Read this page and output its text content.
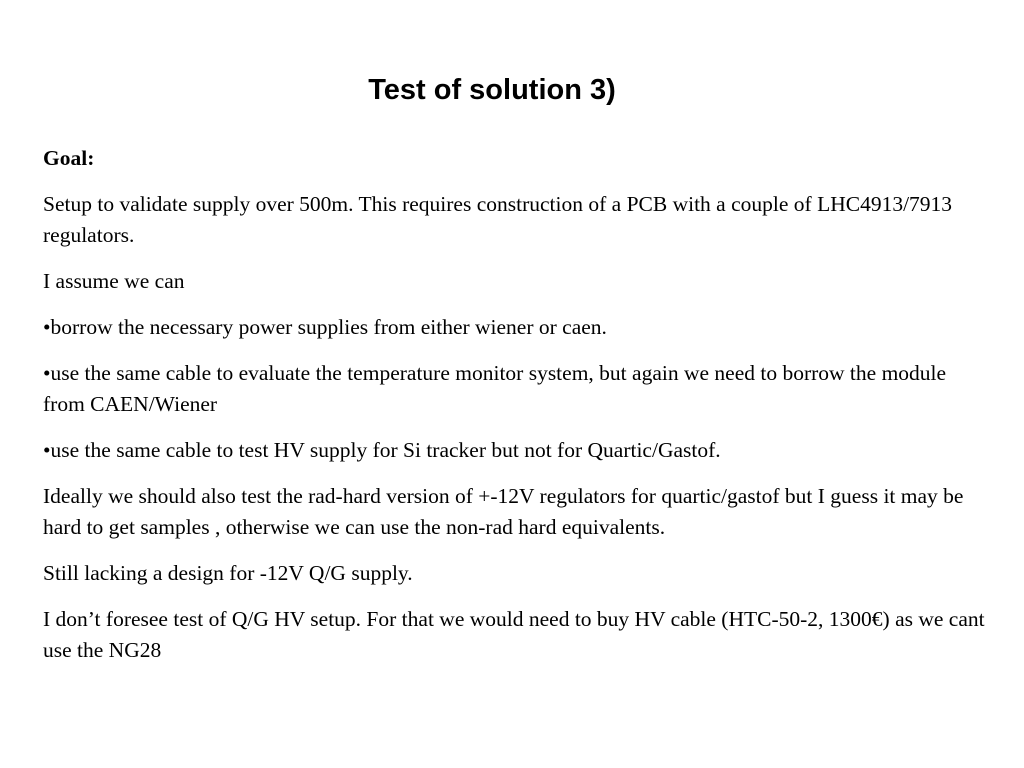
Test of solution 3)

Goal:

Setup to validate supply over 500m. This requires construction of a PCB with a couple of LHC4913/7913 regulators.

I assume we can

•borrow the necessary power supplies from either wiener or caen.

•use the same cable to evaluate the temperature monitor system, but again we need to borrow the module from CAEN/Wiener

•use the same cable to test HV supply for Si tracker but not for Quartic/Gastof.

Ideally we should also test the rad-hard version of +-12V regulators for quartic/gastof but I guess it may be hard to get samples , otherwise we can use the non-rad hard equivalents.

Still lacking a design for -12V Q/G supply.

I don’t foresee test of Q/G HV setup. For that we would need to buy HV cable (HTC-50-2, 1300€) as we cant use the NG28
